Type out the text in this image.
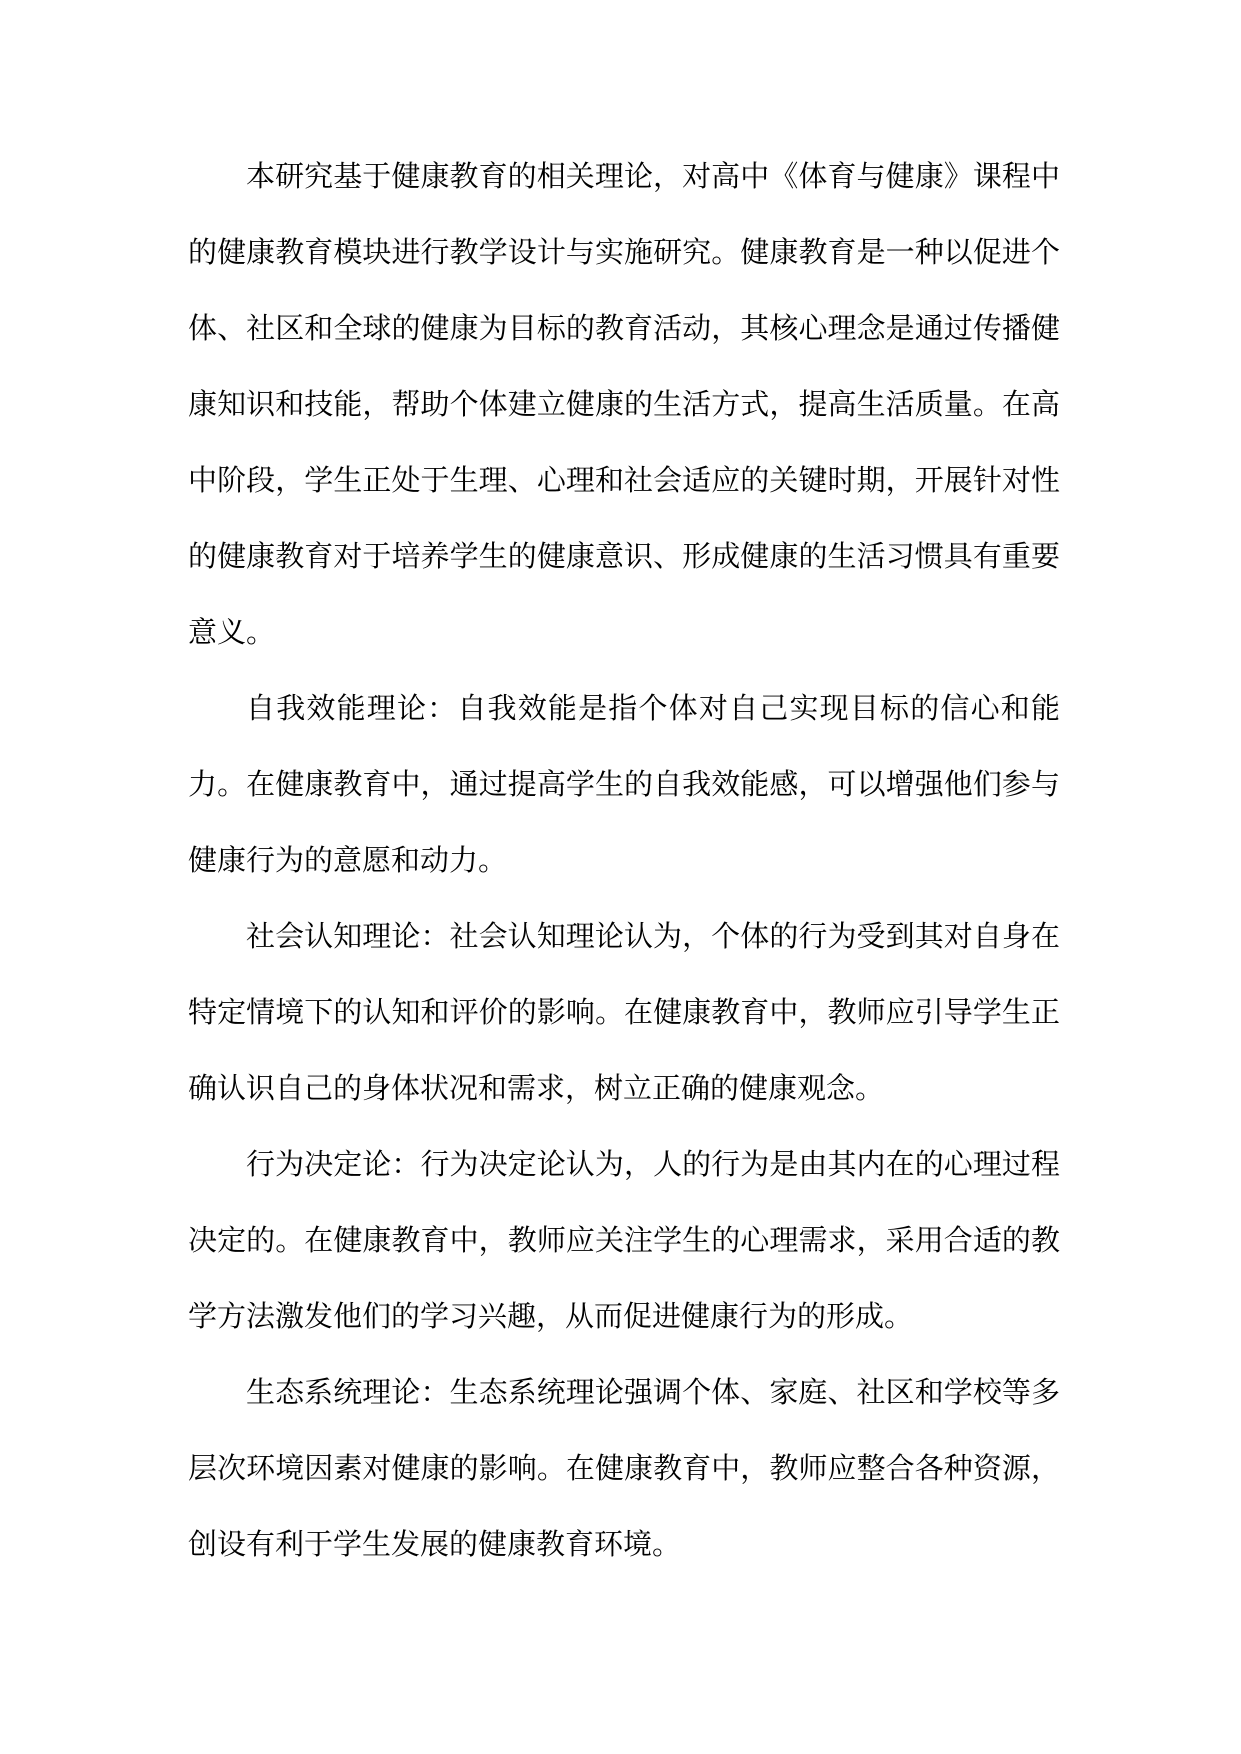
本研究基于健康教育的相关理论，对高中《体育与健康》课程中的健康教育模块进行教学设计与实施研究。健康教育是一种以促进个体、社区和全球的健康为目标的教育活动，其核心理念是通过传播健康知识和技能，帮助个体建立健康的生活方式，提高生活质量。在高中阶段，学生正处于生理、心理和社会适应的关键时期，开展针对性的健康教育对于培养学生的健康意识、形成健康的生活习惯具有重要意义。

自我效能理论：自我效能是指个体对自己实现目标的信心和能力。在健康教育中，通过提高学生的自我效能感，可以增强他们参与健康行为的意愿和动力。

社会认知理论：社会认知理论认为，个体的行为受到其对自身在特定情境下的认知和评价的影响。在健康教育中，教师应引导学生正确认识自己的身体状况和需求，树立正确的健康观念。

行为决定论：行为决定论认为，人的行为是由其内在的心理过程决定的。在健康教育中，教师应关注学生的心理需求，采用合适的教学方法激发他们的学习兴趣，从而促进健康行为的形成。

生态系统理论：生态系统理论强调个体、家庭、社区和学校等多层次环境因素对健康的影响。在健康教育中，教师应整合各种资源，创设有利于学生发展的健康教育环境。
